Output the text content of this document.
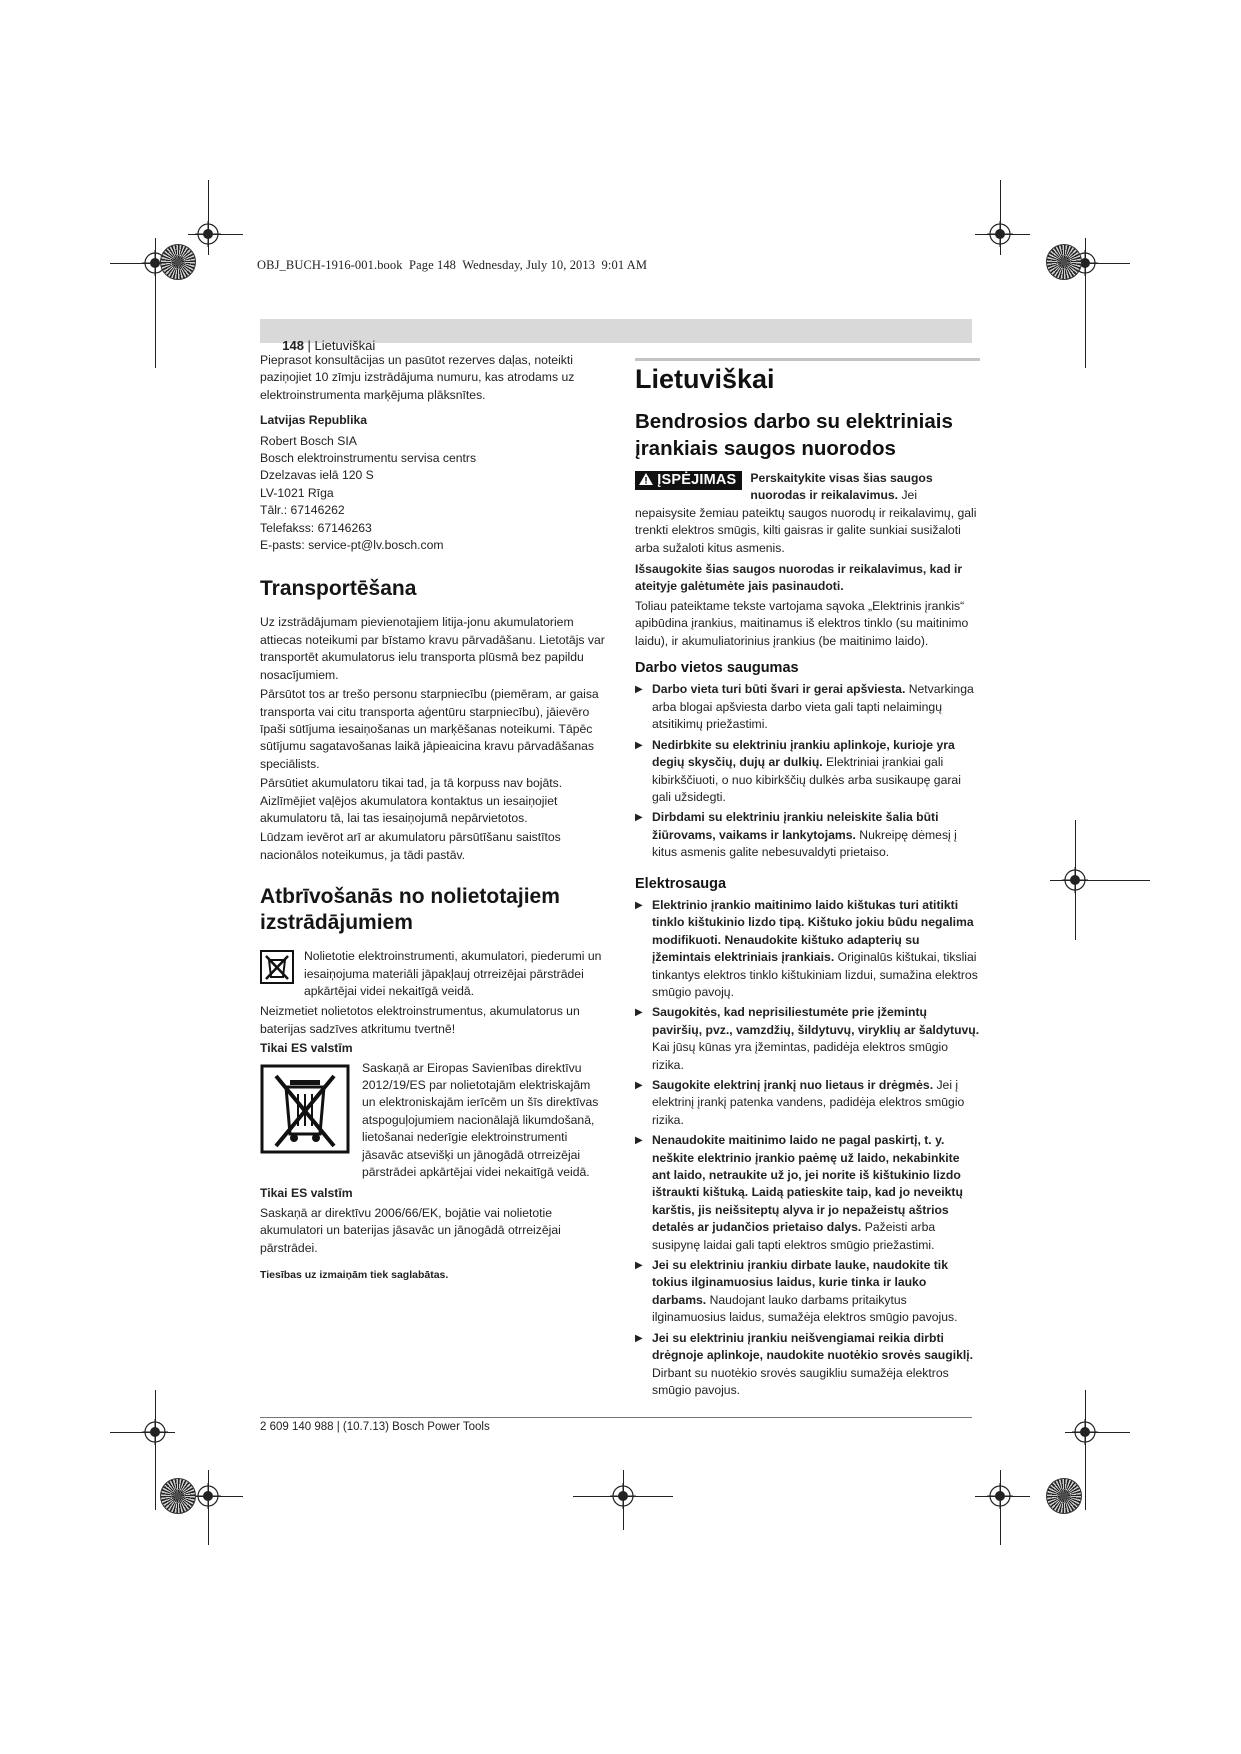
OBJ_BUCH-1916-001.book  Page 148  Wednesday, July 10, 2013  9:01 AM

148 | Lietuviškai

Pieprasot konsultācijas un pasūtot rezerves daļas, noteikti paziņojiet 10 zīmju izstrādājuma numuru, kas atrodams uz elektroinstrumenta marķējuma plāksnītes.

Latvijas Republika

Robert Bosch SIA
Bosch elektroinstrumentu servisa centrs
Dzelzavas ielā 120 S
LV-1021 Rīga
Tālr.: 67146262
Telefakss: 67146263
E-pasts: service-pt@lv.bosch.com
Transportēšana

Uz izstrādājumam pievienotajiem litija-jonu akumulatoriem attiecas noteikumi par bīstamo kravu pārvadāšanu. Lietotājs var transportēt akumulatorus ielu transporta plūsmā bez papildu nosacījumiem.

Pārsūtot tos ar trešo personu starpniecību (piemēram, ar gaisa transporta vai citu transporta aģentūru starpniecību), jāievēro īpaši sūtījuma iesaiņošanas un marķēšanas noteikumi. Tāpēc sūtījumu sagatavošanas laikā jāpieaicina kravu pārvadāšanas speciālists.

Pārsūtiet akumulatoru tikai tad, ja tā korpuss nav bojāts. Aizlīmējiet vaļējos akumulatora kontaktus un iesaiņojiet akumulatoru tā, lai tas iesaiņojumā nepārvietotos.

Lūdzam ievērot arī ar akumulatoru pārsūtīšanu saistītos nacionālos noteikumus, ja tādi pastāv.

Atbrīvošanās no nolietotajiem izstrādājumiem

Nolietotie elektroinstrumenti, akumulatori, piederumi un iesaiņojuma materiāli jāpakļauj otrreizējai pārstrādei apkārtējai videi nekaitīgā veidā.

Neizmetiet nolietotos elektroinstrumentus, akumulatorus un baterijas sadzīves atkritumu tvertnē!

Tikai ES valstīm

Saskaņā ar Eiropas Savienības direktīvu 2012/19/ES par nolietotajām elektriskajām un elektroniskajām ierīcēm un šīs direktīvas atspoguļojumiem nacionālajā likumdošanā, lietošanai nederīgie elektroinstrumenti jāsavāc atsevišķi un jānogādā otrreizējai pārstrādei apkārtējai videi nekaitīgā veidā.

Tikai ES valstīm

Saskaņā ar direktīvu 2006/66/EK, bojātie vai nolietotie akumulatori un baterijas jāsavāc un jānogādā otrreizējai pārstrādei.

Tiesības uz izmaiņām tiek saglabātas.

Lietuviškai
Bendrosios darbo su elektriniais įrankiais saugos nuorodos
ĮSPĖJIMAS	Perskaitykite visas šias saugos nuorodas ir reikalavimus. Jei nepaisysite žemiau pateiktų saugos nuorodų ir reikalavimų, gali trenkti elektros smūgis, kilti gaisras ir galite sunkiai susižaloti arba sužaloti kitus asmenis.

Išsaugokite šias saugos nuorodas ir reikalavimus, kad ir ateityje galėtumėte jais pasinaudoti.

Toliau pateiktame tekste vartojama sąvoka „Elektrinis įrankis“ apibūdina įrankius, maitinamus iš elektros tinklo (su maitinimo laidu), ir akumuliatorinius įrankius (be maitinimo laido).

Darbo vietos saugumas
▶ Darbo vieta turi būti švari ir gerai apšviesta. Netvarkinga arba blogai apšviesta darbo vieta gali tapti nelaimingų atsitikimų priežastimi.
▶ Nedirbkite su elektriniu įrankiu aplinkoje, kurioje yra degių skysčių, dujų ar dulkių. Elektriniai įrankiai gali kibirkščiuoti, o nuo kibirkščių dulkės arba susikaupę garai gali užsidegti.
▶ Dirbdami su elektriniu įrankiu neleiskite šalia būti žiūrovams, vaikams ir lankytojams. Nukreipę dėmesį į kitus asmenis galite nebesuvaldyti prietaiso.
Elektrosauga
▶ Elektrinio įrankio maitinimo laido kištukas turi atitikti tinklo kištukinio lizdo tipą. Kištuko jokiu būdu negalima modifikuoti. Nenaudokite kištuko adapterių su įžemintais elektriniais įrankiais. Originalūs kištukai, tiksliai tinkantys elektros tinklo kištukiniam lizdui, sumažina elektros smūgio pavojų.
▶ Saugokitės, kad neprisiliestumėte prie įžemintų paviršių, pvz., vamzdžių, šildytuvų, viryklių ar šaldytuvų. Kai jūsų kūnas yra įžemintas, padidėja elektros smūgio rizika.
▶ Saugokite elektrinį įrankį nuo lietaus ir drėgmės. Jei į elektrinį įrankį patenka vandens, padidėja elektros smūgio rizika.
▶ Nenaudokite maitinimo laido ne pagal paskirtį, t. y. neškite elektrinio įrankio paėmę už laido, nekabinkite ant laido, netraukite už jo, jei norite iš kištukinio lizdo ištraukti kištuką. Laidą patieskite taip, kad jo neveiktų karštis, jis neišsiteptų alyva ir jo nepažeistų aštrios detalės ar judančios prietaiso dalys. Pažeisti arba susipynę laidai gali tapti elektros smūgio priežastimi.
▶ Jei su elektriniu įrankiu dirbate lauke, naudokite tik tokius ilginamuosius laidus, kurie tinka ir lauko darbams. Naudojant lauko darbams pritaikytus ilginamuosius laidus, sumažėja elektros smūgio pavojus.
▶ Jei su elektriniu įrankiu neišvengiamai reikia dirbti drėgnoje aplinkoje, naudokite nuotėkio srovės saugiklį. Dirbant su nuotėkio srovės saugikliu sumažėja elektros smūgio pavojus.
2 609 140 988 | (10.7.13) Bosch Power Tools
